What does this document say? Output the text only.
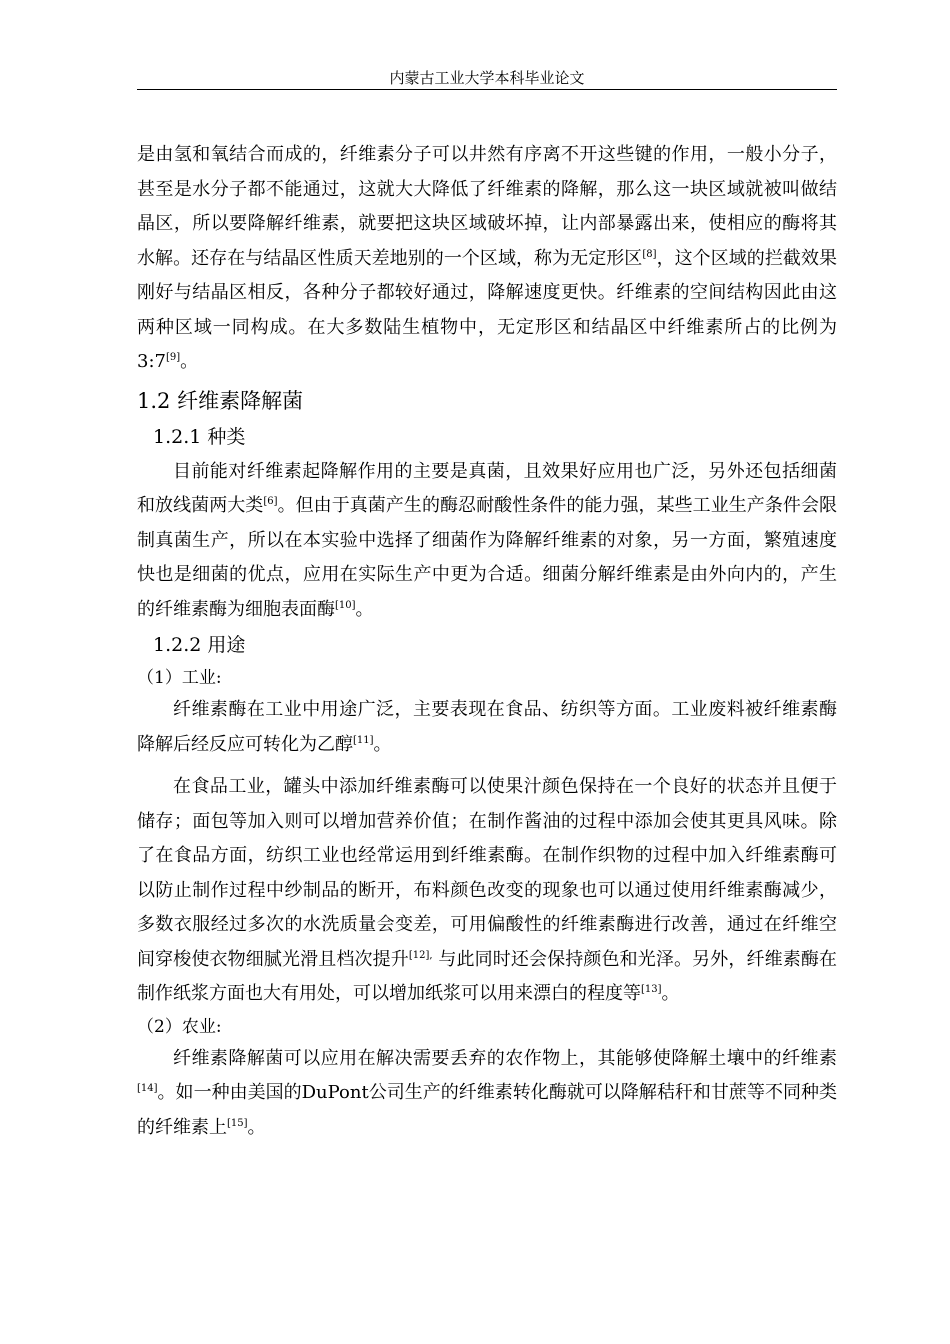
内蒙古工业大学本科毕业论文

是由氢和氧结合而成的，纤维素分子可以井然有序离不开这些键的作用，一般小分子，甚至是水分子都不能通过，这就大大降低了纤维素的降解，那么这一块区域就被叫做结晶区，所以要降解纤维素，就要把这块区域破坏掉，让内部暴露出来，使相应的酶将其水解。还存在与结晶区性质天差地别的一个区域，称为无定形区[8]，这个区域的拦截效果刚好与结晶区相反，各种分子都较好通过，降解速度更快。纤维素的空间结构因此由这两种区域一同构成。在大多数陆生植物中，无定形区和结晶区中纤维素所占的比例为3:7[9]。

1.2 纤维素降解菌
1.2.1 种类

目前能对纤维素起降解作用的主要是真菌，且效果好应用也广泛，另外还包括细菌和放线菌两大类[6]。但由于真菌产生的酶忍耐酸性条件的能力强，某些工业生产条件会限制真菌生产，所以在本实验中选择了细菌作为降解纤维素的对象，另一方面，繁殖速度快也是细菌的优点，应用在实际生产中更为合适。细菌分解纤维素是由外向内的，产生的纤维素酶为细胞表面酶[10]。

1.2.2 用途

（1）工业:

纤维素酶在工业中用途广泛，主要表现在食品、纺织等方面。工业废料被纤维素酶降解后经反应可转化为乙醇[11]。

在食品工业，罐头中添加纤维素酶可以使果汁颜色保持在一个良好的状态并且便于储存；面包等加入则可以增加营养价值；在制作酱油的过程中添加会使其更具风味。除了在食品方面，纺织工业也经常运用到纤维素酶。在制作织物的过程中加入纤维素酶可以防止制作过程中纱制品的断开，布料颜色改变的现象也可以通过使用纤维素酶减少，多数衣服经过多次的水洗质量会变差，可用偏酸性的纤维素酶进行改善，通过在纤维空间穿梭使衣物细腻光滑且档次提升$^{[12],}$ 与此同时还会保持颜色和光泽。另外，纤维素酶在制作纸浆方面也大有用处，可以增加纸浆可以用来漂白的程度等[13]。

（2）农业:

纤维素降解菌可以应用在解决需要丢弃的农作物上，其能够使降解土壤中的纤维素[14]。如一种由美国的DuPont公司生产的纤维素转化酶就可以降解秸秆和甘蔗等不同种类的纤维素上[15]。
